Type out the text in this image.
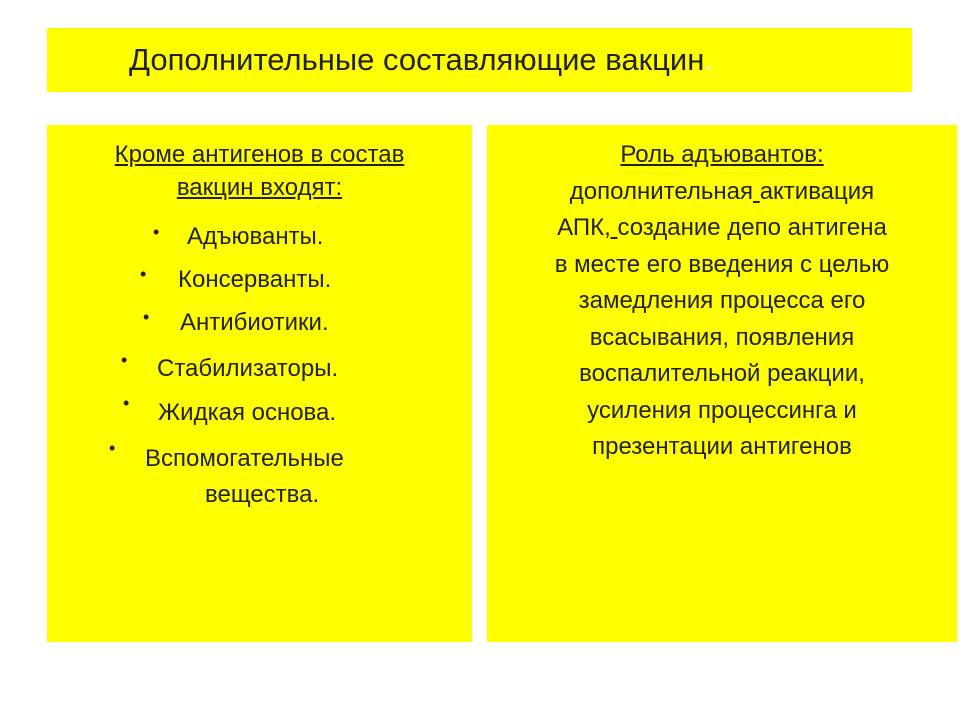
Дополнительные составляющие вакцин.
Кроме антигенов в состав
вакцин входят:
• Адъюванты.
• Консерванты.
• Антибиотики.
• Стабилизаторы.
• Жидкая основа.
• Вспомогательные
вещества.
Роль адъювантов:
дополнительная активация
АПК, создание депо антигена
в месте его введения с целью
замедления процесса его
всасывания, появления
воспалительной реакции,
усиления процессинга и
презентации антигенов
